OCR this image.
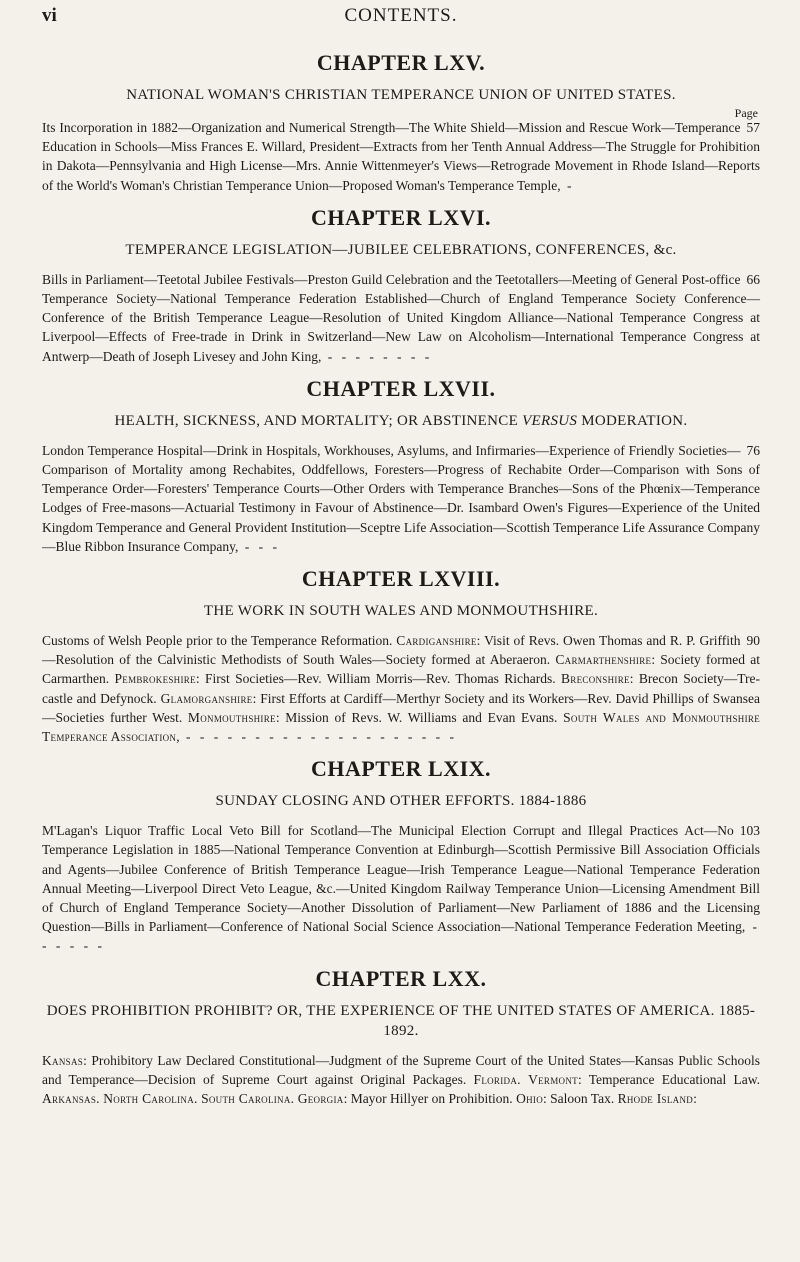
vi	CONTENTS.
CHAPTER LXV.
NATIONAL WOMAN'S CHRISTIAN TEMPERANCE UNION OF UNITED STATES.
Page

57
Its Incorporation in 1882—Organization and Numerical Strength—The White Shield—Mission and Rescue Work—Temperance Education in Schools—Miss Frances E. Willard, President—Extracts from her Tenth Annual Address—The Struggle for Prohibition in Dakota—Pennsylvania and High License—Mrs. Annie Wittenmeyer's Views—Retrograde Movement in Rhode Island—Reports of the World's Woman's Christian Temperance Union—Proposed Woman's Temperance Temple, -

CHAPTER LXVI.
TEMPERANCE LEGISLATION—JUBILEE CELEBRATIONS, CONFERENCES, &c.

66
Bills in Parliament—Teetotal Jubilee Festivals—Preston Guild Celebration and the Teetotallers—Meeting of General Post-office Temperance Society—National Temperance Federation Established—Church of England Temperance Society Conference—Conference of the British Temperance League—Resolution of United Kingdom Alliance—National Temperance Congress at Liverpool—Effects of Free-trade in Drink in Switzerland—New Law on Alcoholism—International Temperance Congress at Antwerp—Death of Joseph Livesey and John King, - - - - - - - -

CHAPTER LXVII.
HEALTH, SICKNESS, AND MORTALITY; OR ABSTINENCE VERSUS MODERATION.

76
London Temperance Hospital—Drink in Hospitals, Workhouses, Asylums, and Infirmaries—Experience of Friendly Societies—Comparison of Mortality among Rechabites, Oddfellows, Foresters—Progress of Rechabite Order—Comparison with Sons of Temperance Order—Foresters' Temperance Courts—Other Orders with Temperance Branches—Sons of the Phœnix—Temperance Lodges of Free-masons—Actuarial Testimony in Favour of Abstinence—Dr. Isambard Owen's Figures—Experience of the United Kingdom Temperance and General Provident Institution—Sceptre Life Association—Scottish Temperance Life Assurance Company—Blue Ribbon Insurance Company, - - -

CHAPTER LXVIII.
THE WORK IN SOUTH WALES AND MONMOUTHSHIRE.

90
Customs of Welsh People prior to the Temperance Reformation. Cardiganshire: Visit of Revs. Owen Thomas and R. P. Griffith—Resolution of the Calvinistic Methodists of South Wales—Society formed at Aberaeron. Carmarthenshire: Society formed at Carmarthen. Pembrokeshire: First Societies—Rev. William Morris—Rev. Thomas Richards. Breconshire: Brecon Society—Tre-castle and Defynock. Glamorganshire: First Efforts at Cardiff—Merthyr Society and its Workers—Rev. David Phillips of Swansea—Societies further West. Monmouthshire: Mission of Revs. W. Williams and Evan Evans. South Wales and Monmouthshire Temperance Association, - - - - - - - - - - - - - - - - - - - -

CHAPTER LXIX.
SUNDAY CLOSING AND OTHER EFFORTS. 1884-1886

103
M'Lagan's Liquor Traffic Local Veto Bill for Scotland—The Municipal Election Corrupt and Illegal Practices Act—No Temperance Legislation in 1885—National Temperance Convention at Edinburgh—Scottish Permissive Bill Association Officials and Agents—Jubilee Conference of British Temperance League—Irish Temperance League—National Temperance Federation Annual Meeting—Liverpool Direct Veto League, &c.—United Kingdom Railway Temperance Union—Licensing Amendment Bill of Church of England Temperance Society—Another Dissolution of Parliament—New Parliament of 1886 and the Licensing Question—Bills in Parliament—Conference of National Social Science Association—National Temperance Federation Meeting, - - - - - -

CHAPTER LXX.
DOES PROHIBITION PROHIBIT? OR, THE EXPERIENCE OF THE UNITED STATES OF AMERICA. 1885-1892.

Kansas: Prohibitory Law Declared Constitutional—Judgment of the Supreme Court of the United States—Kansas Public Schools and Temperance—Decision of Supreme Court against Original Packages. Florida. Vermont: Temperance Educational Law. Arkansas. North Carolina. South Carolina. Georgia: Mayor Hillyer on Prohibition. Ohio: Saloon Tax. Rhode Island:
